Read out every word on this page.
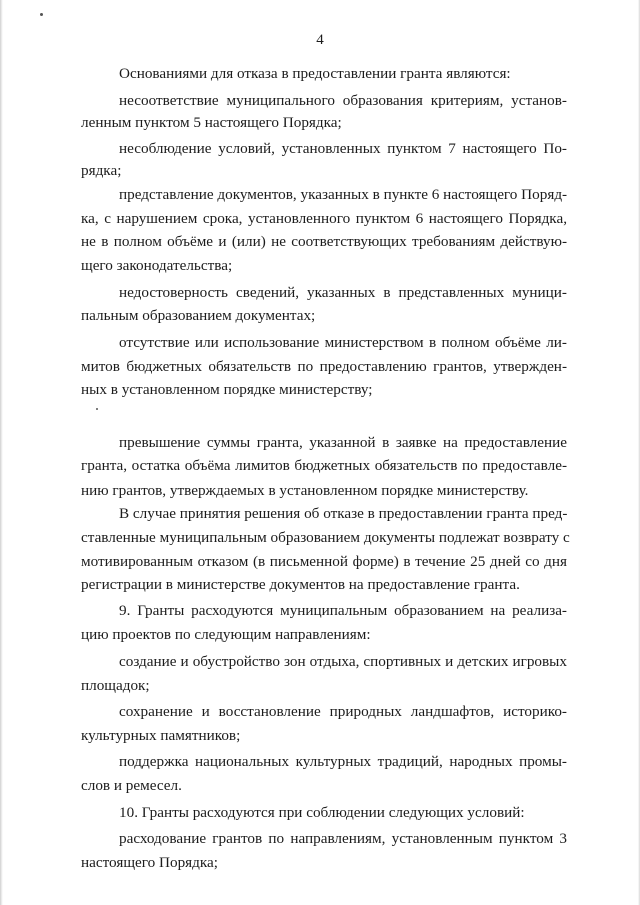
4
Основаниями для отказа в предоставлении гранта являются:
несоответствие муниципального образования критериям, установ-
ленным пунктом 5 настоящего Порядка;
несоблюдение условий, установленных пунктом 7 настоящего По-
рядка;
представление документов, указанных в пункте 6 настоящего Поряд-
ка, с нарушением срока, установленного пунктом 6 настоящего Порядка,
не в полном объёме и (или) не соответствующих требованиям действую-
щего законодательства;
недостоверность сведений, указанных в представленных муници-
пальным образованием документах;
отсутствие или использование министерством в полном объёме ли-
митов бюджетных обязательств по предоставлению грантов, утвержден-
ных в установленном порядке министерству;
превышение суммы гранта, указанной в заявке на предоставление
гранта, остатка объёма лимитов бюджетных обязательств по предоставле-
нию грантов, утверждаемых в установленном порядке министерству.
В случае принятия решения об отказе в предоставлении гранта пред-
ставленные муниципальным образованием документы подлежат возврату с
мотивированным отказом (в письменной форме) в течение 25 дней со дня
регистрации в министерстве документов на предоставление гранта.
9. Гранты расходуются муниципальным образованием на реализа-
цию проектов по следующим направлениям:
создание и обустройство зон отдыха, спортивных и детских игровых
площадок;
сохранение и восстановление природных ландшафтов, историко-
культурных памятников;
поддержка национальных культурных традиций, народных промы-
слов и ремесел.
10. Гранты расходуются при соблюдении следующих условий:
расходование грантов по направлениям, установленным пунктом 3
настоящего Порядка;
